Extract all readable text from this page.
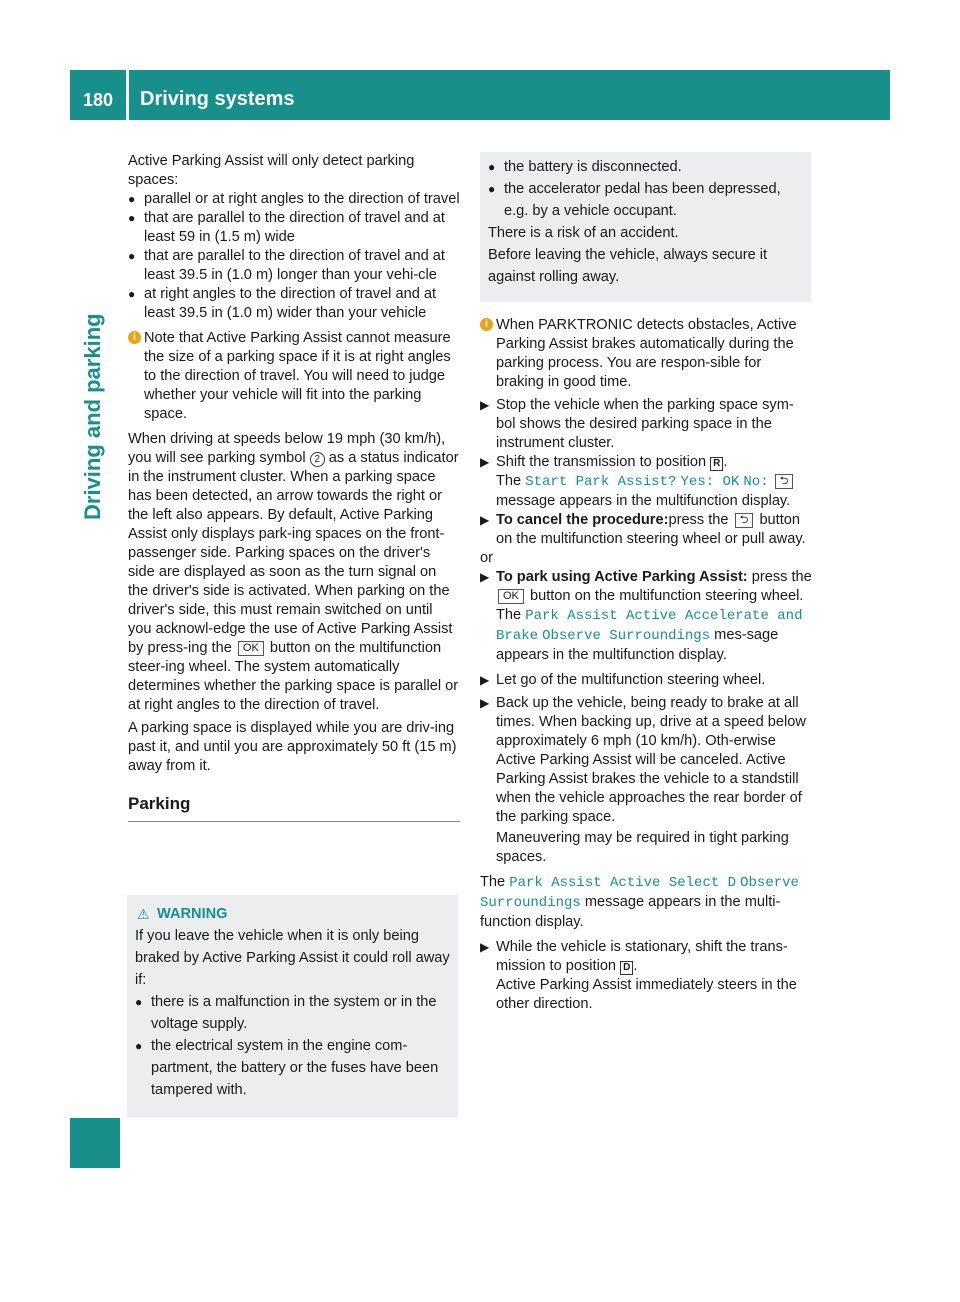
180	Driving systems
Driving and parking

Active Parking Assist will only detect parking spaces:

● parallel or at right angles to the direction of travel
● that are parallel to the direction of travel and at least 59 in (1.5 m) wide
● that are parallel to the direction of travel and at least 39.5 in (1.0 m) longer than your vehi-cle
● at right angles to the direction of travel and at least 39.5 in (1.0 m) wider than your vehicle
i Note that Active Parking Assist cannot measure the size of a parking space if it is at right angles to the direction of travel. You will need to judge whether your vehicle will fit into the parking space.

When driving at speeds below 19 mph (30 km/h), you will see parking symbol 2 as a status indicator in the instrument cluster. When a parking space has been detected, an arrow towards the right or the left also appears. By default, Active Parking Assist only displays park-ing spaces on the front-passenger side. Parking spaces on the driver's side are displayed as soon as the turn signal on the driver's side is activated. When parking on the driver's side, this must remain switched on until you acknowl-edge the use of Active Parking Assist by press-ing the OK button on the multifunction steer-ing wheel. The system automatically determines whether the parking space is parallel or at right angles to the direction of travel.

A parking space is displayed while you are driv-ing past it, and until you are approximately 50 ft (15 m) away from it.

Parking

⚠ WARNING

If you leave the vehicle when it is only being braked by Active Parking Assist it could roll away if:

● there is a malfunction in the system or in the voltage supply.
● the electrical system in the engine com-partment, the battery or the fuses have been tampered with.
● the battery is disconnected.
● the accelerator pedal has been depressed, e.g. by a vehicle occupant.

There is a risk of an accident.

Before leaving the vehicle, always secure it against rolling away.

i When PARKTRONIC detects obstacles, Active Parking Assist brakes automatically during the parking process. You are respon-sible for braking in good time.
▶ Stop the vehicle when the parking space sym-bol shows the desired parking space in the instrument cluster.
▶ Shift the transmission to position R .
The Start Park Assist? Yes: OK No: ⮌ message appears in the multifunction display.
▶ To cancel the procedure:press the ⮌ button on the multifunction steering wheel or pull away.

or

▶ To park using Active Parking Assist: press the OK button on the multifunction steering wheel.
The Park Assist Active Accelerate and Brake Observe Surroundings mes-sage appears in the multifunction display.
▶ Let go of the multifunction steering wheel.
▶ Back up the vehicle, being ready to brake at all times. When backing up, drive at a speed below approximately 6 mph (10 km/h). Oth-erwise Active Parking Assist will be canceled. Active Parking Assist brakes the vehicle to a standstill when the vehicle approaches the rear border of the parking space.

Maneuvering may be required in tight parking spaces.

The Park Assist Active Select D Observe Surroundings message appears in the multi-function display.

▶ While the vehicle is stationary, shift the trans-mission to position D .
Active Parking Assist immediately steers in the other direction.
